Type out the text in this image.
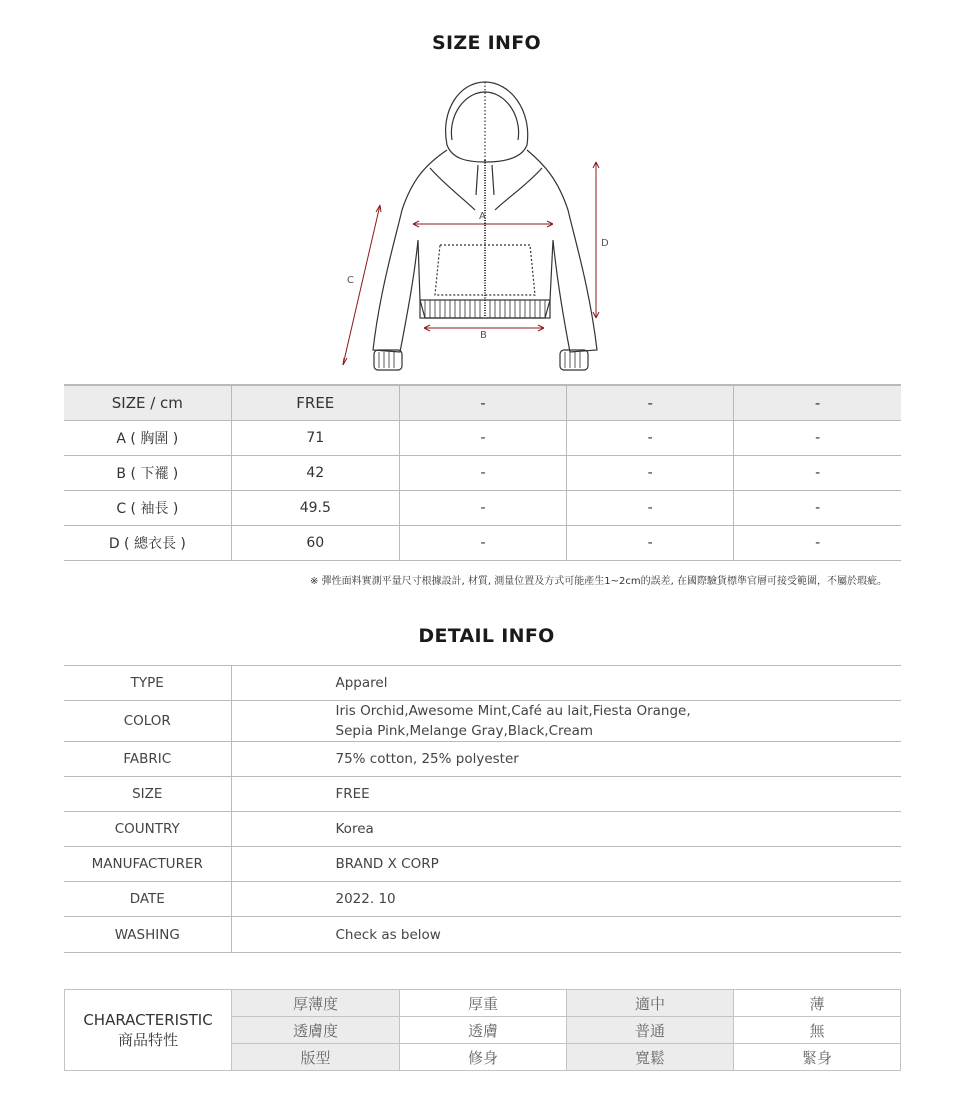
SIZE INFO
A
B
C
D
SIZE / cm	FREE	-	-	-
A ( 胸圍 )	71	-	-	-
B ( 下襬 )	42	-	-	-
C ( 袖長 )	49.5	-	-	-
D ( 總衣長 )	60	-	-	-
※ 彈性面料實測平量尺寸根據設計, 材質, 測量位置及方式可能產生1~2cm的誤差, 在國際驗貨標準官層可接受範圍，不屬於瑕疵。
DETAIL INFO
TYPE	Apparel
COLOR	Iris Orchid,Awesome Mint,Café au lait,Fiesta Orange,
Sepia Pink,Melange Gray,Black,Cream

FABRIC	75% cotton, 25% polyester
SIZE	FREE
COUNTRY	Korea
MANUFACTURER	BRAND X CORP
DATE	2022. 10
WASHING	Check as below
CHARACTERISTIC
商品特性	厚薄度	厚重	適中	薄
	透膚度	透膚	普通	無
	版型	修身	寬鬆	緊身
